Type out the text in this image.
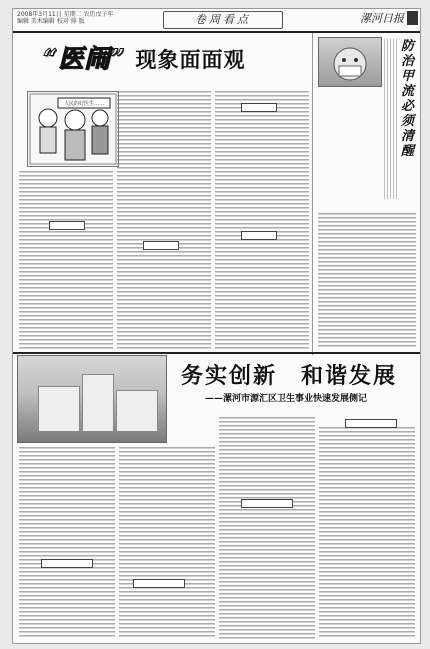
2008年3月11日 星期二 农历戊子年
编辑 美术编辑 校对 排 版	卷周看点	漯河日报
“医闹” 现象面面观
人民的好医生……
防治甲流必须清醒
务实创新　和谐发展
——漯河市源汇区卫生事业快速发展侧记
